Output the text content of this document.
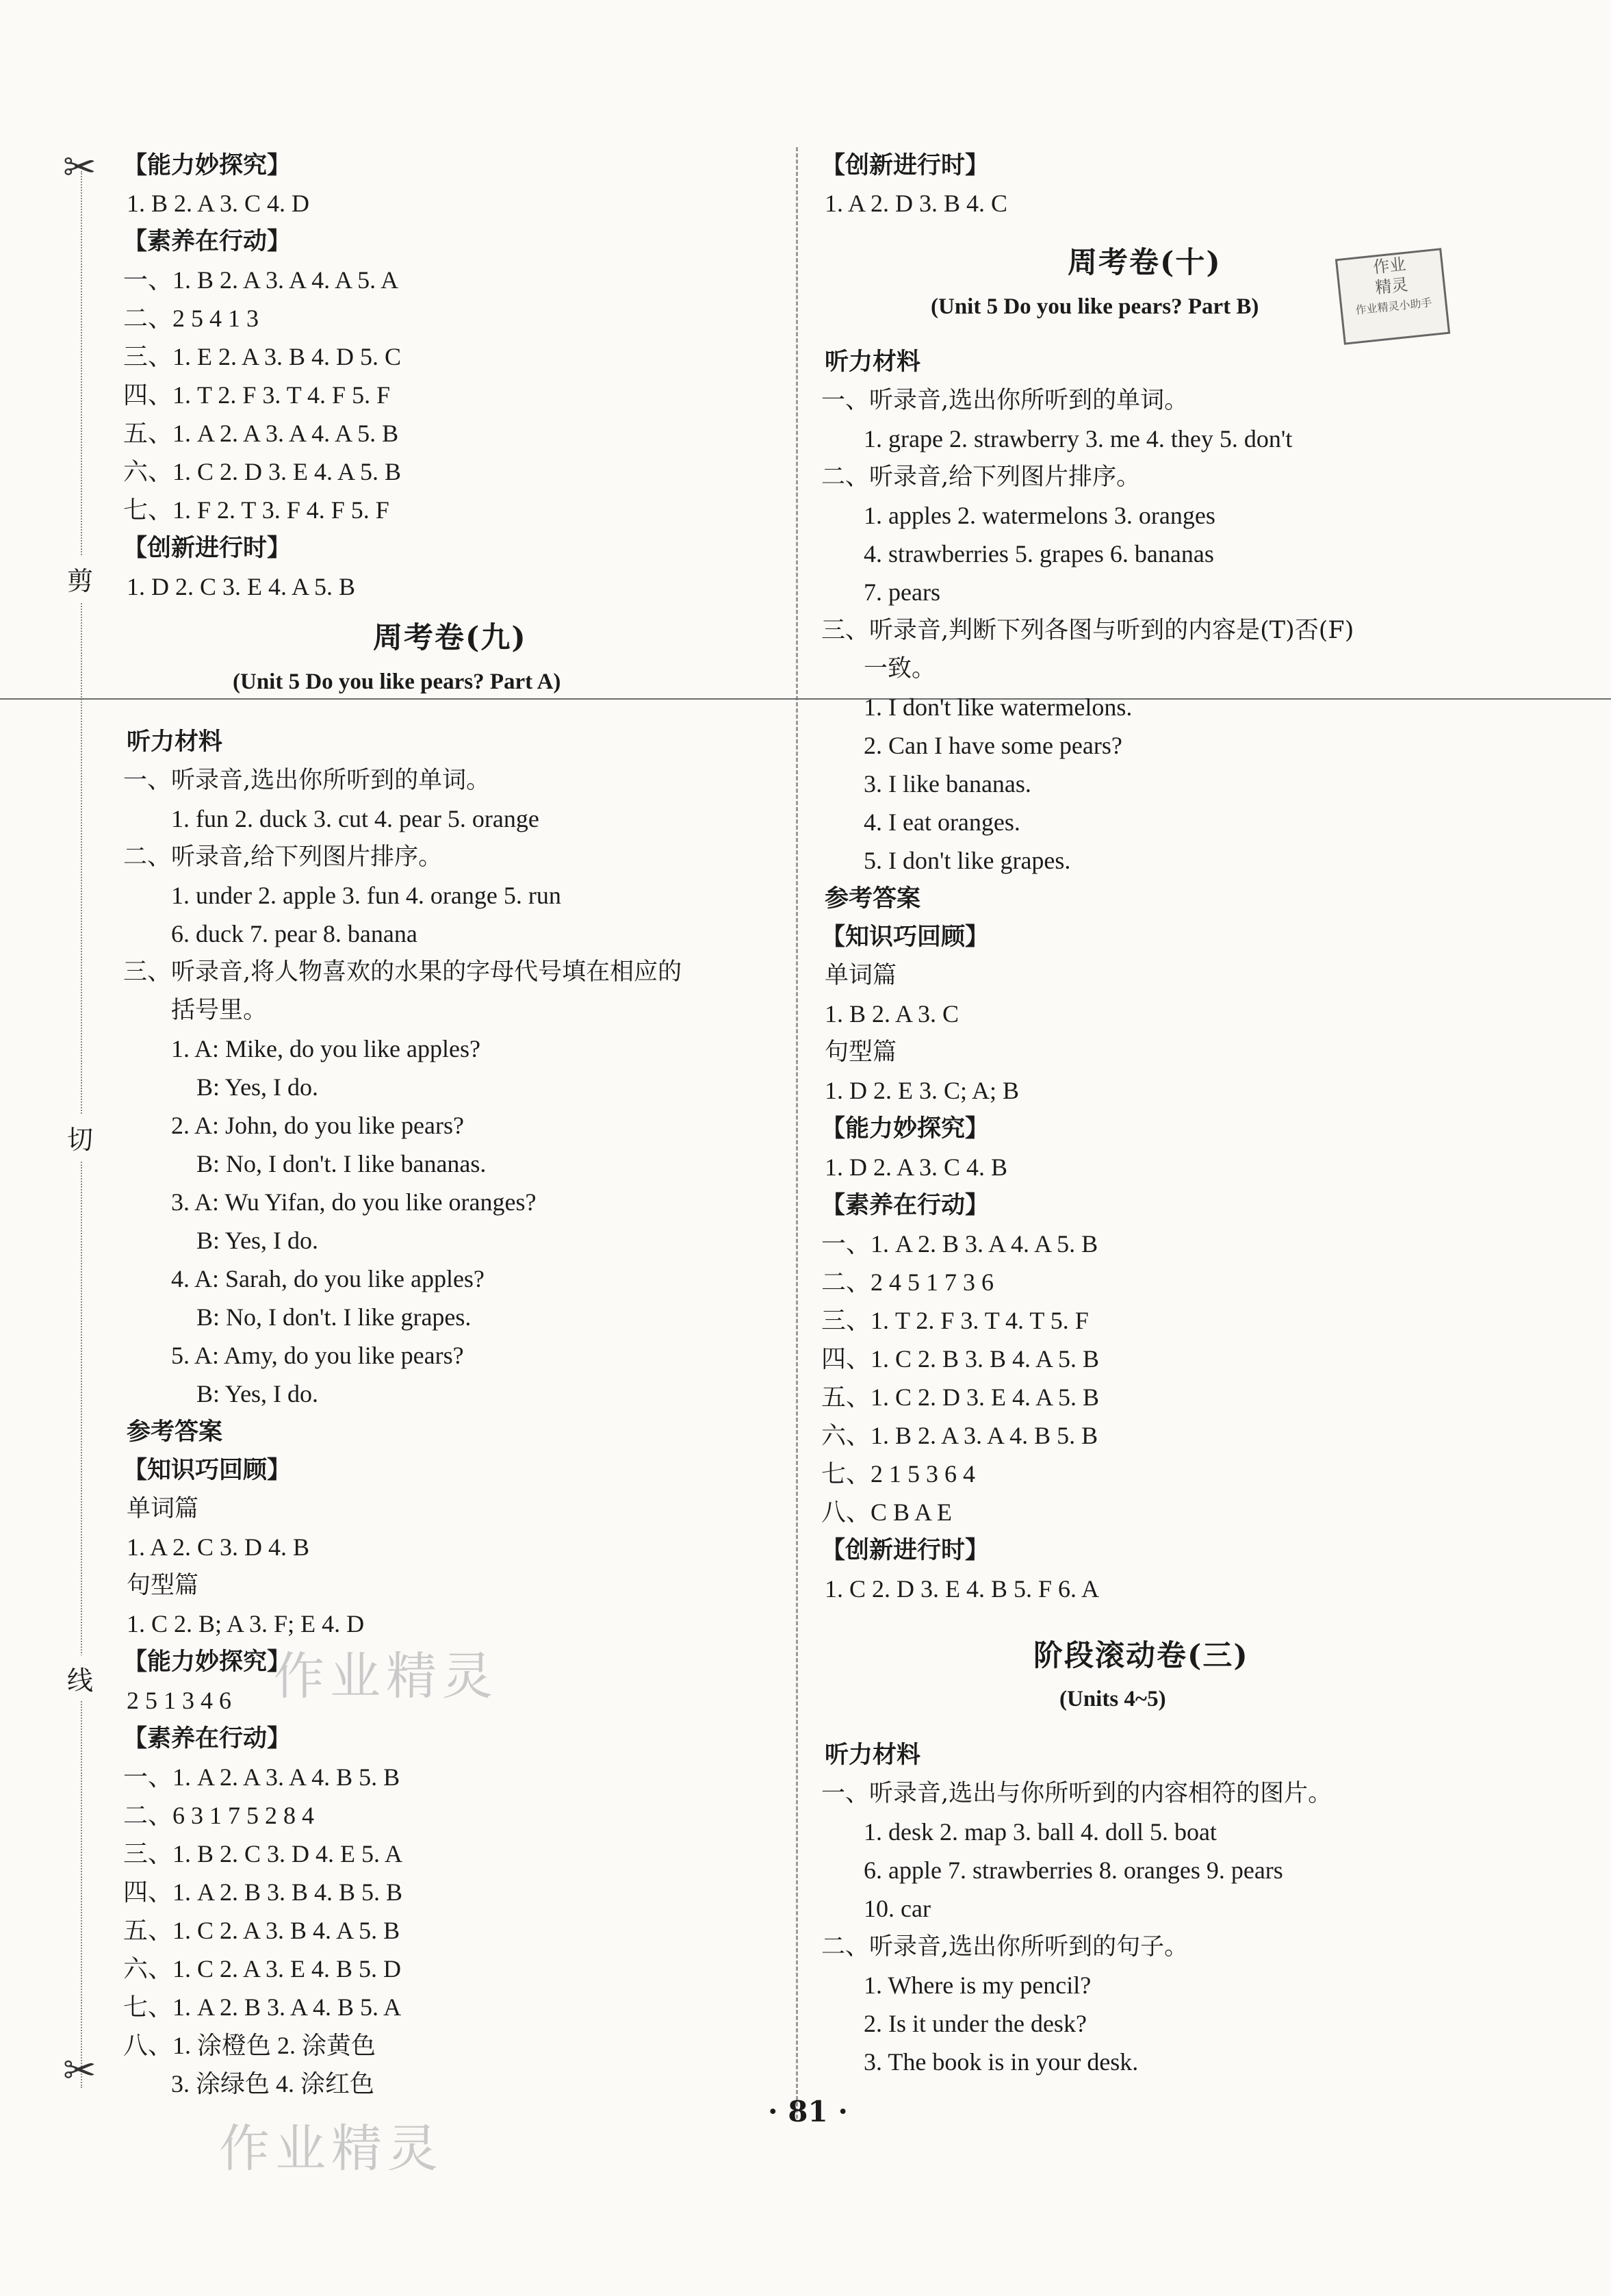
✂
✂
剪
切
线	作业精灵
作业精灵
作业
精灵
作业精灵小助手
【能力妙探究】
1. B 2. A 3. C 4. D
【素养在行动】
一、1. B 2. A 3. A 4. A 5. A
二、2 5 4 1 3
三、1. E 2. A 3. B 4. D 5. C
四、1. T 2. F 3. T 4. F 5. F
五、1. A 2. A 3. A 4. A 5. B
六、1. C 2. D 3. E 4. A 5. B
七、1. F 2. T 3. F 4. F 5. F
【创新进行时】
1. D 2. C 3. E 4. A 5. B
周考卷(九)
(Unit 5 Do you like pears? Part A)
听力材料
一、听录音,选出你所听到的单词。
1. fun 2. duck 3. cut 4. pear 5. orange
二、听录音,给下列图片排序。
1. under 2. apple 3. fun 4. orange 5. run
6. duck 7. pear 8. banana
三、听录音,将人物喜欢的水果的字母代号填在相应的
括号里。
1. A: Mike, do you like apples?
B: Yes, I do.
2. A: John, do you like pears?
B: No, I don't. I like bananas.
3. A: Wu Yifan, do you like oranges?
B: Yes, I do.
4. A: Sarah, do you like apples?
B: No, I don't. I like grapes.
5. A: Amy, do you like pears?
B: Yes, I do.
参考答案
【知识巧回顾】
单词篇
1. A 2. C 3. D 4. B
句型篇
1. C 2. B; A 3. F; E 4. D
【能力妙探究】
2 5 1 3 4 6
【素养在行动】
一、1. A 2. A 3. A 4. B 5. B
二、6 3 1 7 5 2 8 4
三、1. B 2. C 3. D 4. E 5. A
四、1. A 2. B 3. B 4. B 5. B
五、1. C 2. A 3. B 4. A 5. B
六、1. C 2. A 3. E 4. B 5. D
七、1. A 2. B 3. A 4. B 5. A
八、1. 涂橙色 2. 涂黄色
3. 涂绿色 4. 涂红色
【创新进行时】
1. A 2. D 3. B 4. C
周考卷(十)
(Unit 5 Do you like pears? Part B)
听力材料
一、听录音,选出你所听到的单词。
1. grape 2. strawberry 3. me 4. they 5. don't
二、听录音,给下列图片排序。
1. apples 2. watermelons 3. oranges
4. strawberries 5. grapes 6. bananas
7. pears
三、听录音,判断下列各图与听到的内容是(T)否(F)
一致。
1. I don't like watermelons.
2. Can I have some pears?
3. I like bananas.
4. I eat oranges.
5. I don't like grapes.
参考答案
【知识巧回顾】
单词篇
1. B 2. A 3. C
句型篇
1. D 2. E 3. C; A; B
【能力妙探究】
1. D 2. A 3. C 4. B
【素养在行动】
一、1. A 2. B 3. A 4. A 5. B
二、2 4 5 1 7 3 6
三、1. T 2. F 3. T 4. T 5. F
四、1. C 2. B 3. B 4. A 5. B
五、1. C 2. D 3. E 4. A 5. B
六、1. B 2. A 3. A 4. B 5. B
七、2 1 5 3 6 4
八、C B A E
【创新进行时】
1. C 2. D 3. E 4. B 5. F 6. A
阶段滚动卷(三)
(Units 4~5)
听力材料
一、听录音,选出与你所听到的内容相符的图片。
1. desk 2. map 3. ball 4. doll 5. boat
6. apple 7. strawberries 8. oranges 9. pears
10. car
二、听录音,选出你所听到的句子。
1. Where is my pencil?
2. Is it under the desk?
3. The book is in your desk.
· 81 ·
